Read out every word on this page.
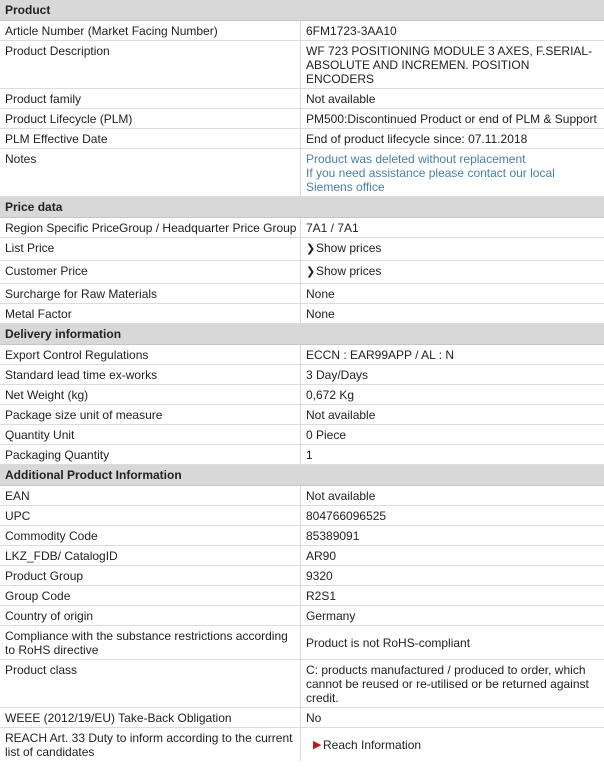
Product
Article Number (Market Facing Number)	6FM1723-3AA10
Product Description	WF 723 POSITIONING MODULE 3 AXES, F.SERIAL-ABSOLUTE AND INCREMEN. POSITION ENCODERS
Product family	Not available
Product Lifecycle (PLM)	PM500:Discontinued Product or end of PLM & Support
PLM Effective Date	End of product lifecycle since: 07.11.2018
Notes	Product was deleted without replacement
If you need assistance please contact our local Siemens office
Price data
Region Specific PriceGroup / Headquarter Price Group 7A1 / 7A1
List Price	❯Show prices
Customer Price	❯Show prices
Surcharge for Raw Materials	None
Metal Factor	None
Delivery information
Export Control Regulations	ECCN : EAR99APP / AL : N
Standard lead time ex-works	3 Day/Days
Net Weight (kg)	0,672 Kg
Package size unit of measure	Not available
Quantity Unit	0 Piece
Packaging Quantity	1
Additional Product Information
EAN	Not available
UPC	804766096525
Commodity Code	85389091
LKZ_FDB/ CatalogID	AR90
Product Group	9320
Group Code	R2S1
Country of origin	Germany
Compliance with the substance restrictions according to RoHS directive	Product is not RoHS-compliant
Product class	C: products manufactured / produced to order, which cannot be reused or re-utilised or be returned against credit.
WEEE (2012/19/EU) Take-Back Obligation	No
REACH Art. 33 Duty to inform according to the current list of candidates	▶ Reach Information
